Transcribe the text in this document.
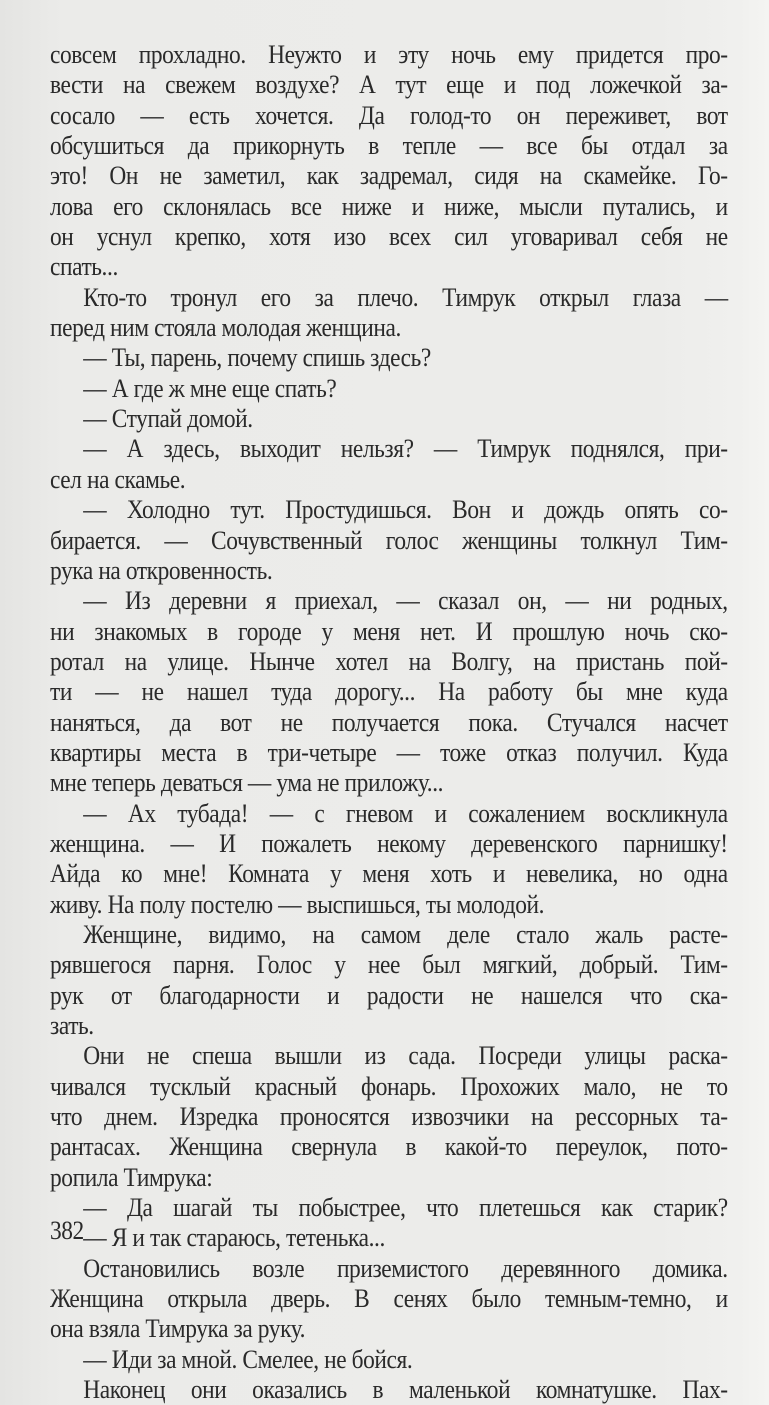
совсем прохладно. Неужто и эту ночь ему придется про-
вести на свежем воздухе? А тут еще и под ложечкой за-
сосало — есть хочется. Да голод-то он переживет, вот
обсушиться да прикорнуть в тепле — все бы отдал за
это! Он не заметил, как задремал, сидя на скамейке. Го-
лова его склонялась все ниже и ниже, мысли путались, и
он уснул крепко, хотя изо всех сил уговаривал себя не
спать...
Кто-то тронул его за плечо. Тимрук открыл глаза —
перед ним стояла молодая женщина.
— Ты, парень, почему спишь здесь?
— А где ж мне еще спать?
— Ступай домой.
— А здесь, выходит нельзя? — Тимрук поднялся, при-
сел на скамье.
— Холодно тут. Простудишься. Вон и дождь опять со-
бирается. — Сочувственный голос женщины толкнул Тим-
рука на откровенность.
— Из деревни я приехал, — сказал он, — ни родных,
ни знакомых в городе у меня нет. И прошлую ночь ско-
ротал на улице. Нынче хотел на Волгу, на пристань пой-
ти — не нашел туда дорогу... На работу бы мне куда
наняться, да вот не получается пока. Стучался насчет
квартиры места в три-четыре — тоже отказ получил. Куда
мне теперь деваться — ума не приложу...
— Ах тубада! — с гневом и сожалением воскликнула
женщина. — И пожалеть некому деревенского парнишку!
Айда ко мне! Комната у меня хоть и невелика, но одна
живу. На полу постелю — выспишься, ты молодой.
Женщине, видимо, на самом деле стало жаль расте-
рявшегося парня. Голос у нее был мягкий, добрый. Тим-
рук от благодарности и радости не нашелся что ска-
зать.
Они не спеша вышли из сада. Посреди улицы раска-
чивался тусклый красный фонарь. Прохожих мало, не то
что днем. Изредка проносятся извозчики на рессорных та-
рантасах. Женщина свернула в какой-то переулок, пото-
ропила Тимрука:
— Да шагай ты побыстрее, что плетешься как старик?
— Я и так стараюсь, тетенька...
Остановились возле приземистого деревянного домика.
Женщина открыла дверь. В сенях было темным-темно, и
она взяла Тимрука за руку.
— Иди за мной. Смелее, не бойся.
Наконец они оказались в маленькой комнатушке. Пах-
382
